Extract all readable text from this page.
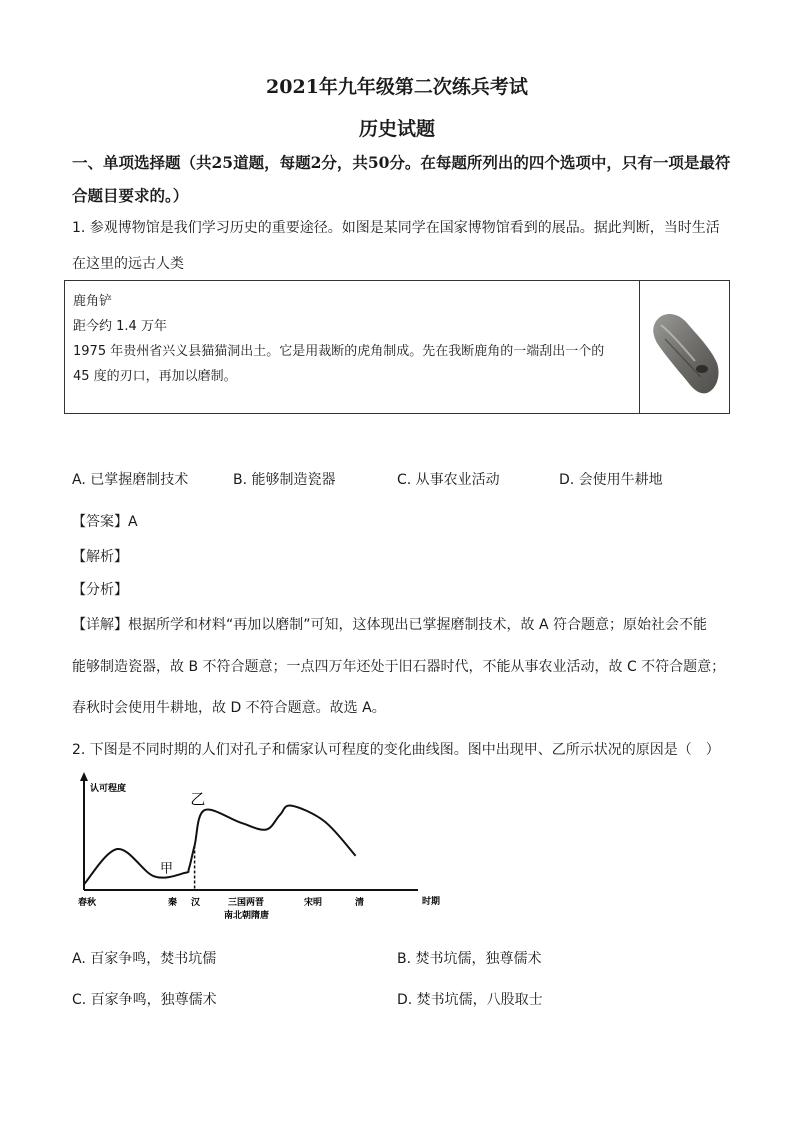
2021年九年级第二次练兵考试
历史试题
一、单项选择题（共25道题，每题2分，共50分。在每题所列出的四个选项中，只有一项是最符合题目要求的。）
1. 参观博物馆是我们学习历史的重要途径。如图是某同学在国家博物馆看到的展品。据此判断，当时生活
在这里的远古人类
鹿角铲
距今约 1.4 万年
1975 年贵州省兴义县猫猫洞出土。它是用裁断的虎角制成。先在我断鹿角的一端刮出一个的
45 度的刃口，再加以磨制。
A. 已掌握磨制技术	B. 能够制造瓷器	C. 从事农业活动	D. 会使用牛耕地
【答案】A
【解析】
【分析】
【详解】根据所学和材料“再加以磨制”可知，这体现出已掌握磨制技术，故 A 符合题意；原始社会不能
能够制造瓷器，故 B 不符合题意；一点四万年还处于旧石器时代，不能从事农业活动，故 C 不符合题意；
春秋时会使用牛耕地，故 D 不符合题意。故选 A。
2. 下图是不同时期的人们对孔子和儒家认可程度的变化曲线图。图中出现甲、乙所示状况的原因是（　）
认可程度
时期
甲
乙
春秋	秦 汉	三国两晋
南北朝隋唐
宋明	清
A. 百家争鸣，焚书坑儒	B. 焚书坑儒，独尊儒术
C. 百家争鸣，独尊儒术	D. 焚书坑儒，八股取士
